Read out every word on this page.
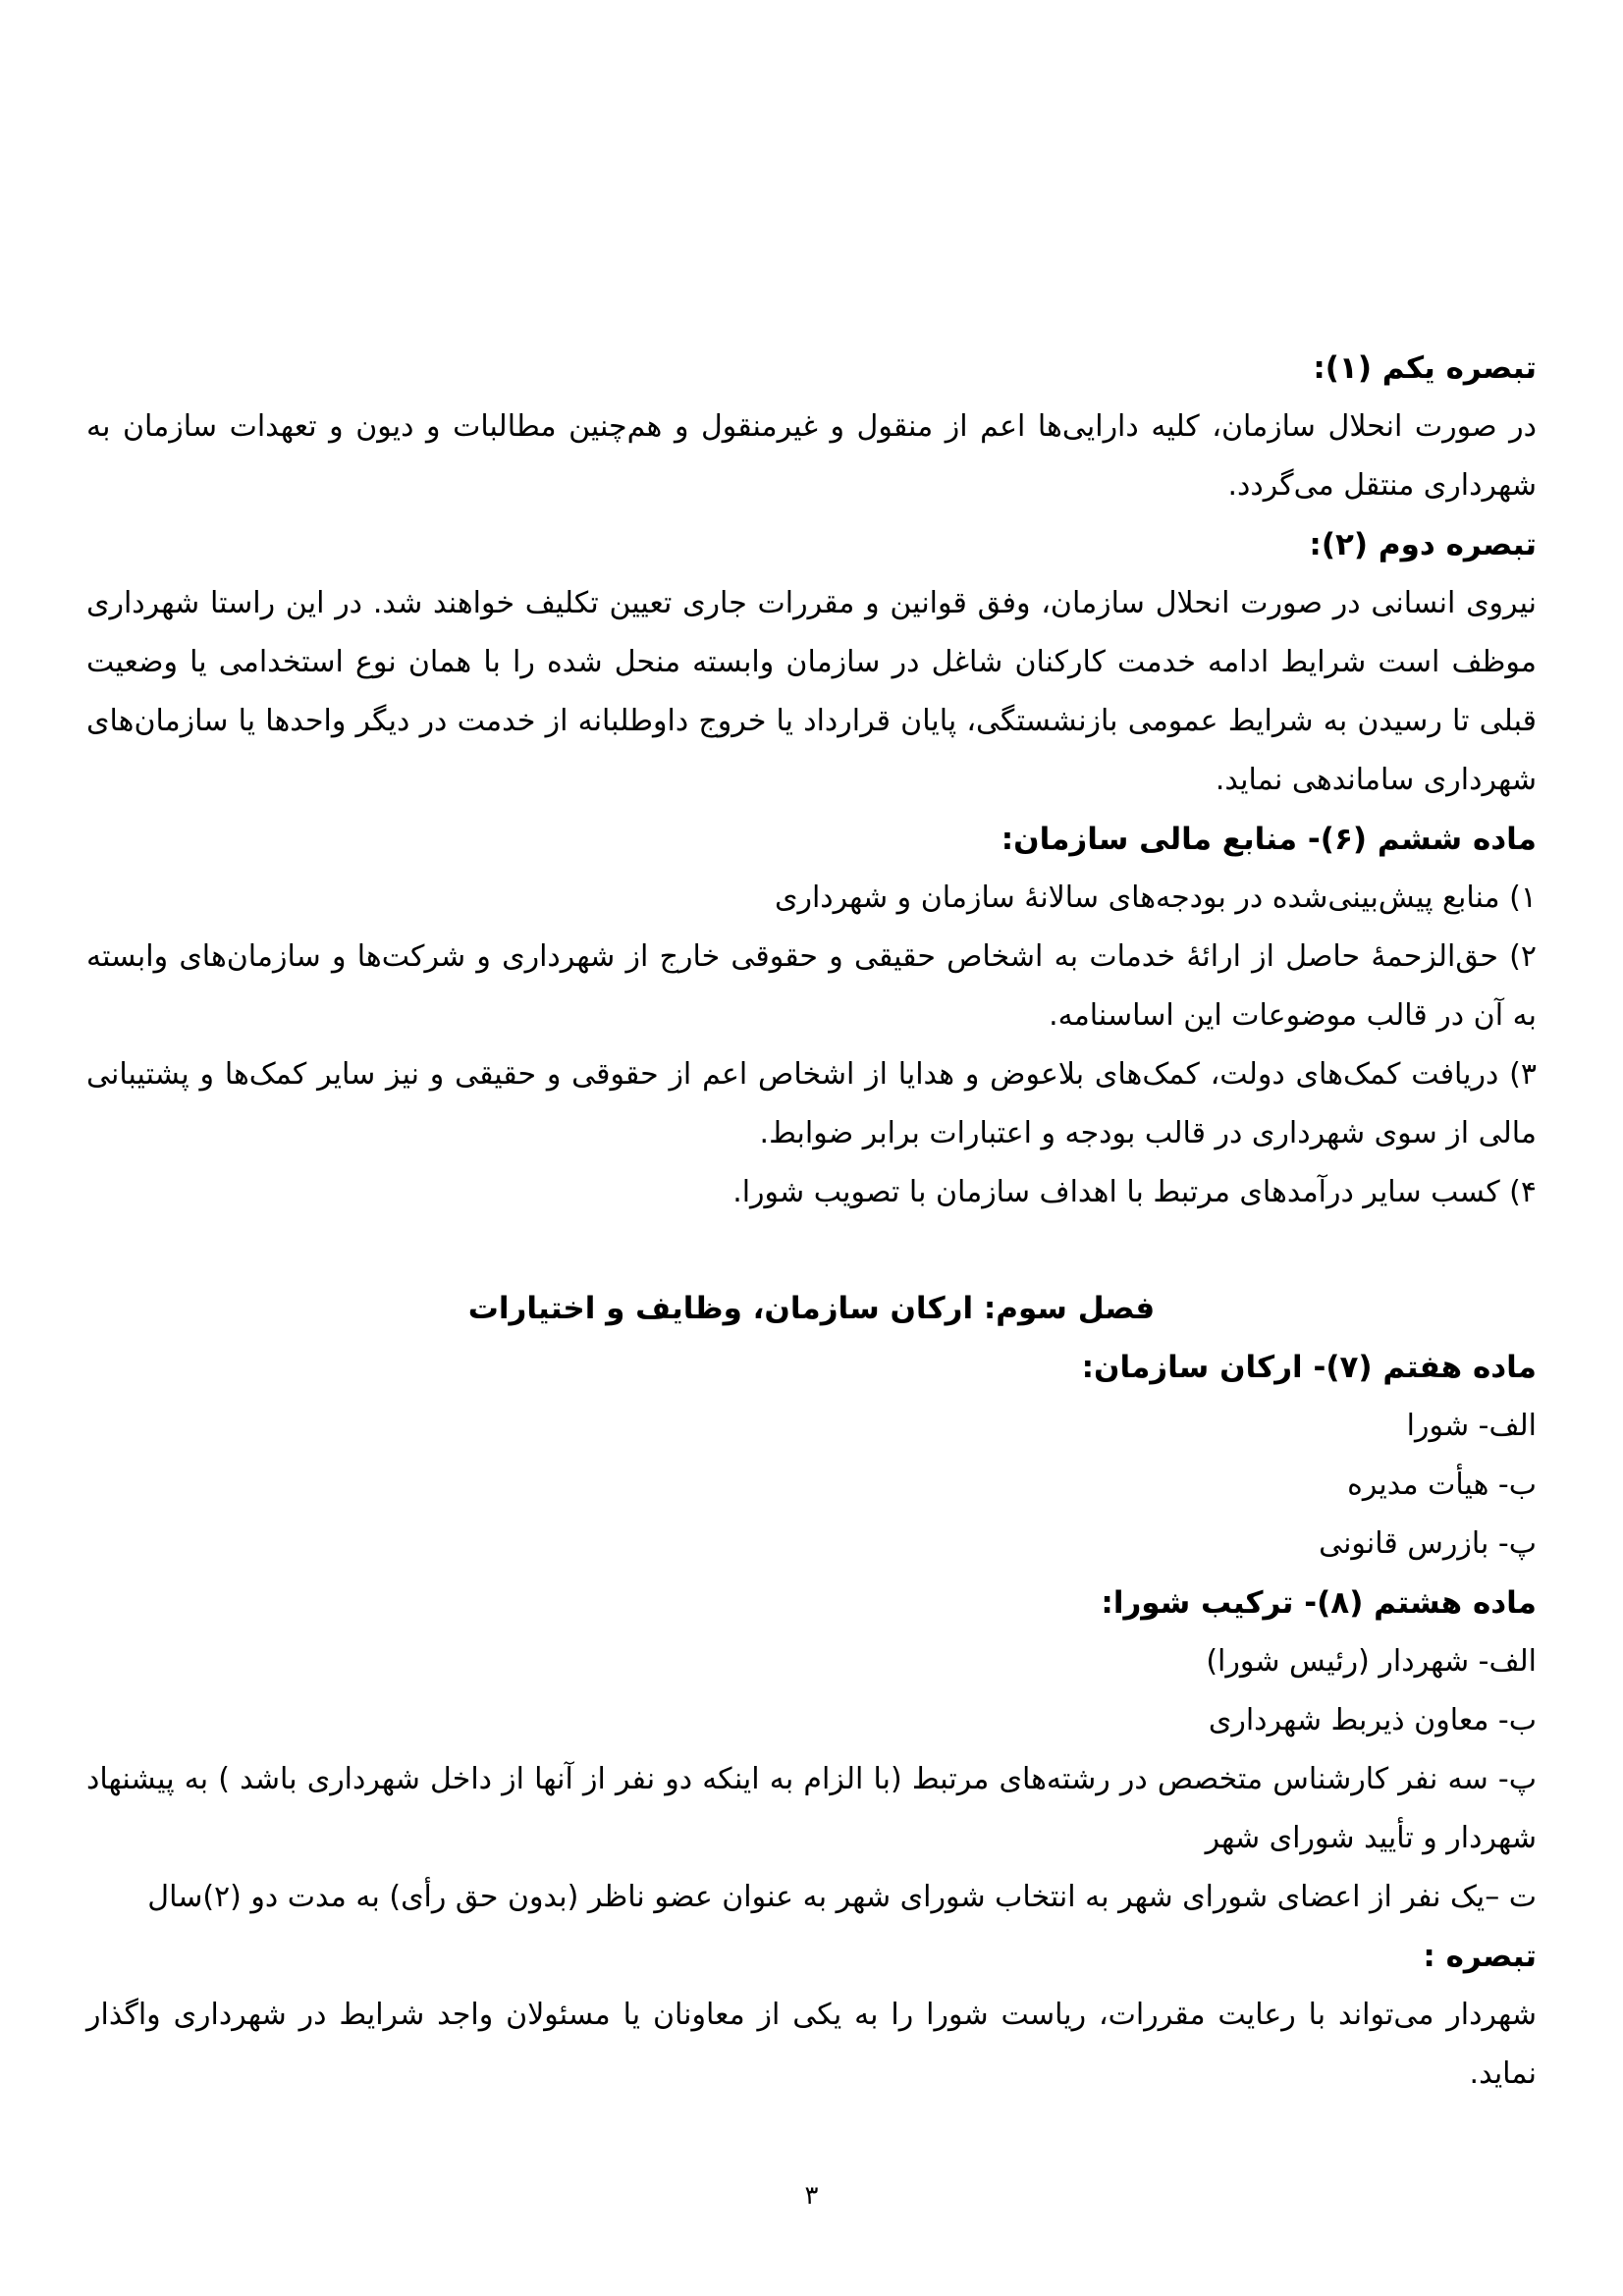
تبصره یکم (۱):

در صورت انحلال سازمان، کلیه دارایی‌ها اعم از منقول و غیرمنقول و هم‌چنین مطالبات و دیون و تعهدات سازمان به شهرداری منتقل می‌گردد.

تبصره دوم (۲):

نیروی انسانی در صورت انحلال سازمان، وفق قوانین و مقررات جاری تعیین تکلیف خواهند شد. در این راستا شهرداری موظف است شرایط ادامه خدمت کارکنان شاغل در سازمان وابسته منحل شده را با همان نوع استخدامی یا وضعیت قبلی تا رسیدن به شرایط عمومی بازنشستگی، پایان قرارداد یا خروج داوطلبانه از خدمت در دیگر واحدها یا سازمان‌های شهرداری ساماندهی نماید.

ماده ششم (۶)- منابع مالی سازمان:

۱) منابع پیش‌بینی‌شده در بودجه‌های سالانۀ سازمان و شهرداری

۲) حق‌الزحمۀ حاصل از ارائۀ خدمات به اشخاص حقیقی و حقوقی خارج از شهرداری و شرکت‌ها و سازمان‌های وابسته به آن در قالب موضوعات این اساسنامه.

۳) دریافت کمک‌های دولت، کمک‌های بلاعوض و هدایا از اشخاص اعم از حقوقی و حقیقی و نیز سایر کمک‌ها و پشتیبانی مالی از سوی شهرداری در قالب بودجه و اعتبارات برابر ضوابط.

۴) کسب سایر درآمدهای مرتبط با اهداف سازمان با تصویب شورا.

فصل سوم: ارکان سازمان، وظایف و اختیارات
ماده هفتم (۷)- ارکان سازمان:

الف- شورا

ب- هیأت مدیره

پ- بازرس قانونی

ماده هشتم (۸)- ترکیب شورا:

الف- شهردار (رئیس شورا)

ب- معاون ذیربط شهرداری

پ- سه نفر کارشناس متخصص در رشته‌های مرتبط (با الزام به اینکه دو نفر از آنها از داخل شهرداری باشد ) به پیشنهاد شهردار و تأیید شورای شهر

ت –یک نفر از اعضای شورای شهر به انتخاب شورای شهر به عنوان عضو ناظر (بدون حق رأی) به مدت دو (۲)سال

تبصره :

شهردار می‌تواند با رعایت مقررات، ریاست شورا را به یکی از معاونان یا مسئولان واجد شرایط در شهرداری واگذار نماید.

۳
